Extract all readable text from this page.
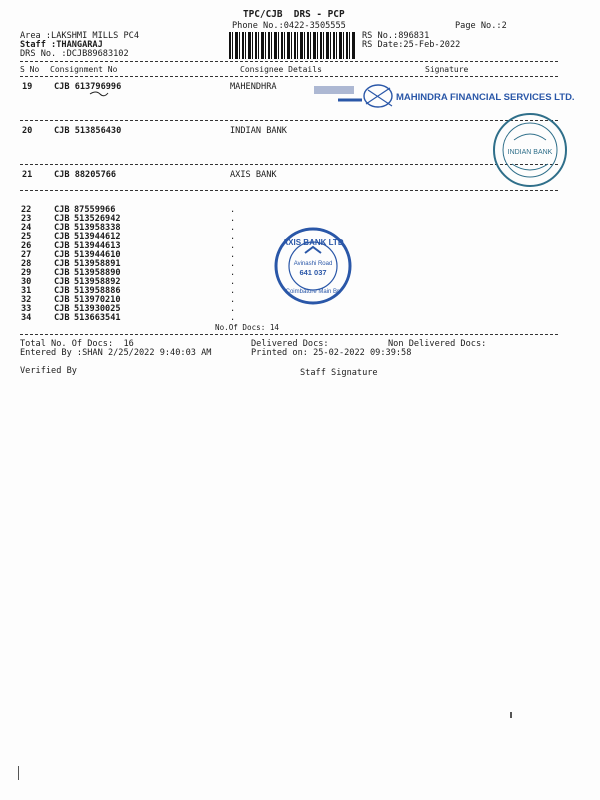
TPC/CJB  DRS - PCP
Phone No.:0422-3505555	Page No.:2
Area :LAKSHMI MILLS PC4
Staff :THANGARAJ
DRS No. :DCJB89683102
RS No.:896831
RS Date:25-Feb-2022
S No Consignment No	Consignee Details	Signature
19	CJB 613796996	MAHENDHRA
20	CJB 513856430	INDIAN BANK
21	CJB 88205766	AXIS BANK
22	CJB 87559966	.
23	CJB 513526942	.
24	CJB 513958338	.
25	CJB 513944612	.
26	CJB 513944613	.
27	CJB 513944610	.
28	CJB 513958891	.
29	CJB 513958890	.
30	CJB 513958892	.
31	CJB 513958886	.
32	CJB 513970210	.
33	CJB 513930025	.
34	CJB 513663541	.
No.Of Docs: 14
Total No. Of Docs:  16	Delivered Docs:	Non Delivered Docs:
Entered By :SHAN 2/25/2022 9:40:03 AM	Printed on: 25-02-2022 09:39:58
Verified By	Staff Signature
MAHINDRA FINANCIAL SERVICES LTD.
INDIAN BANK
AXIS BANK LTD
Avinashi Road
641 037
Coimbatore Main Br.
